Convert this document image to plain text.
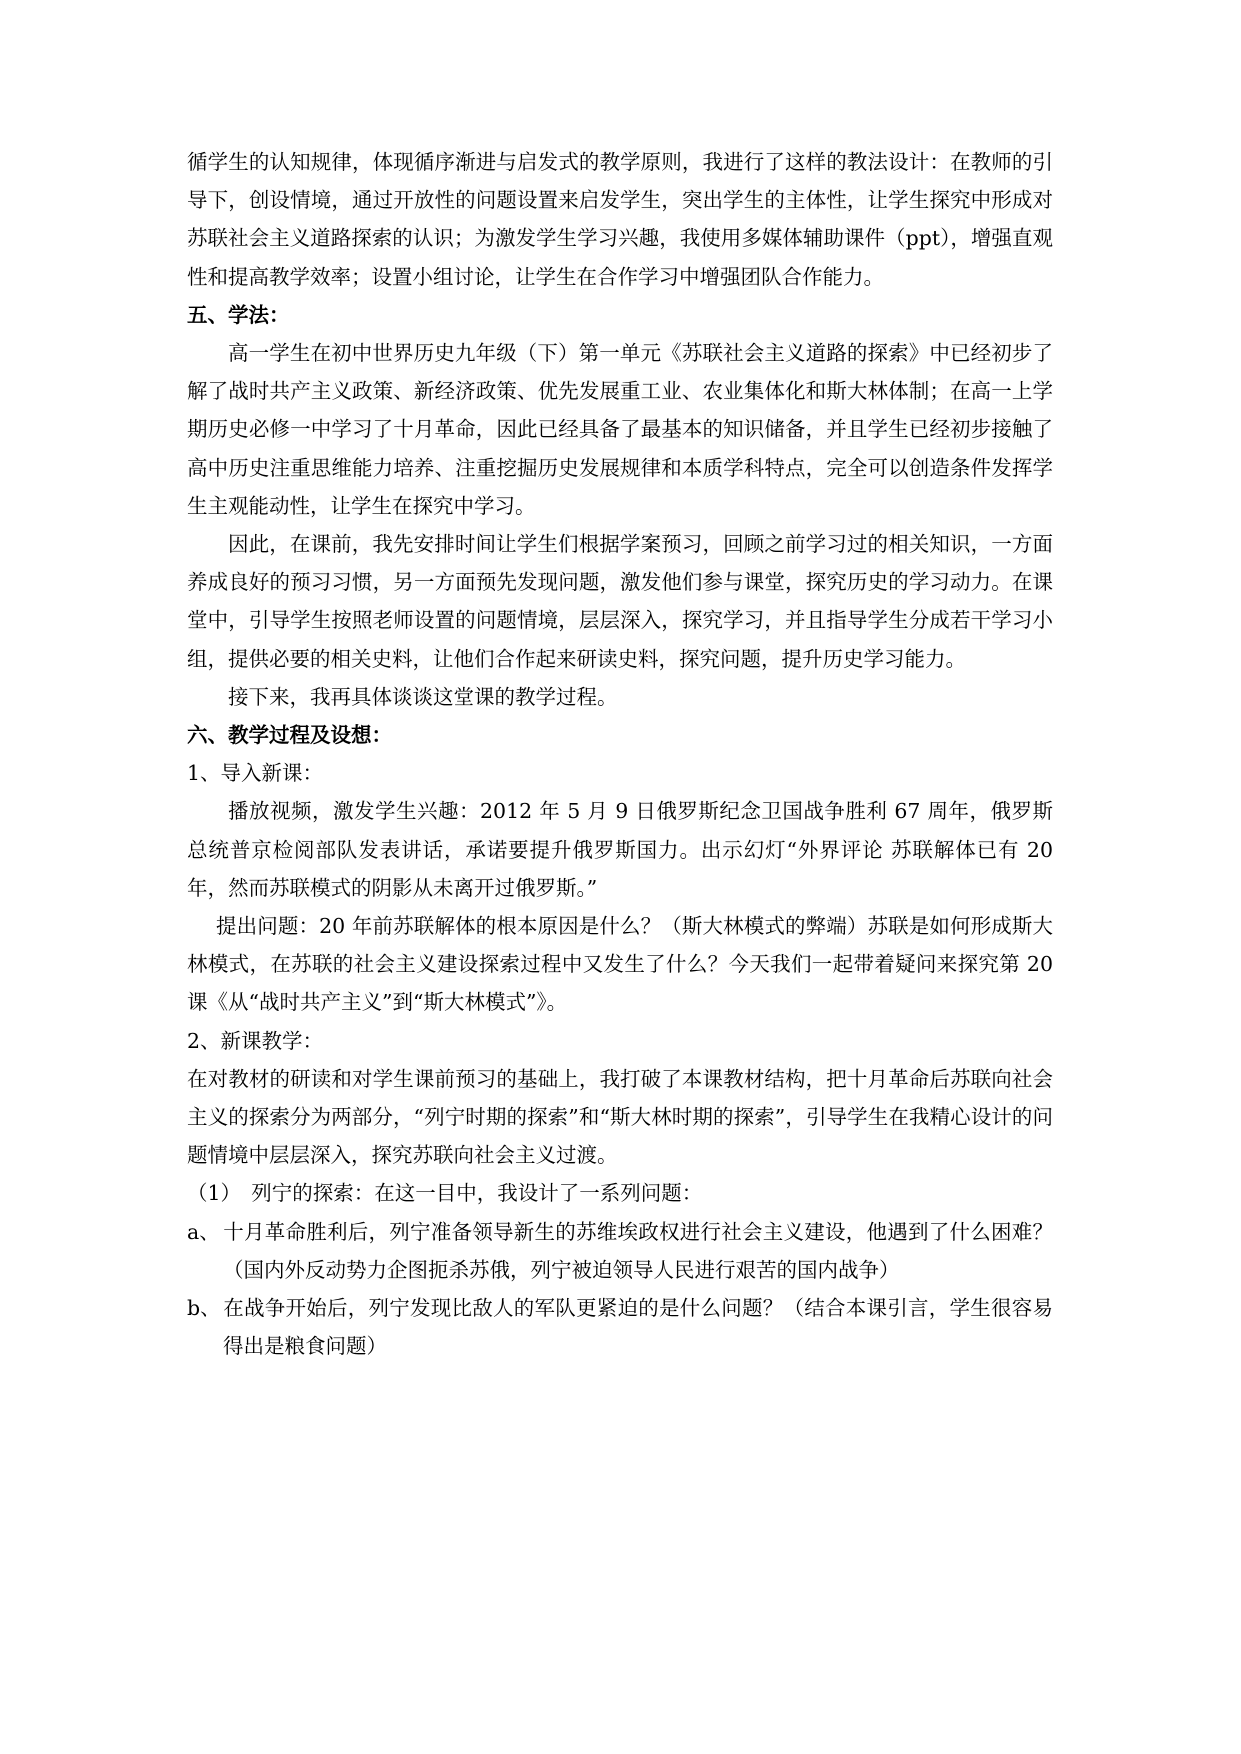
循学生的认知规律，体现循序渐进与启发式的教学原则，我进行了这样的教法设计：在教师的引导下，创设情境，通过开放性的问题设置来启发学生，突出学生的主体性，让学生探究中形成对苏联社会主义道路探索的认识；为激发学生学习兴趣，我使用多媒体辅助课件（ppt），增强直观性和提高教学效率；设置小组讨论，让学生在合作学习中增强团队合作能力。

五、学法：

高一学生在初中世界历史九年级（下）第一单元《苏联社会主义道路的探索》中已经初步了解了战时共产主义政策、新经济政策、优先发展重工业、农业集体化和斯大林体制；在高一上学期历史必修一中学习了十月革命，因此已经具备了最基本的知识储备，并且学生已经初步接触了高中历史注重思维能力培养、注重挖掘历史发展规律和本质学科特点，完全可以创造条件发挥学生主观能动性，让学生在探究中学习。

因此，在课前，我先安排时间让学生们根据学案预习，回顾之前学习过的相关知识，一方面养成良好的预习习惯，另一方面预先发现问题，激发他们参与课堂，探究历史的学习动力。在课堂中，引导学生按照老师设置的问题情境，层层深入，探究学习，并且指导学生分成若干学习小组，提供必要的相关史料，让他们合作起来研读史料，探究问题，提升历史学习能力。

接下来，我再具体谈谈这堂课的教学过程。

六、教学过程及设想：

1、导入新课：

播放视频，激发学生兴趣：2012 年 5 月 9 日俄罗斯纪念卫国战争胜利 67 周年，俄罗斯总统普京检阅部队发表讲话，承诺要提升俄罗斯国力。出示幻灯“外界评论 苏联解体已有 20 年，然而苏联模式的阴影从未离开过俄罗斯。”

提出问题：20 年前苏联解体的根本原因是什么？（斯大林模式的弊端）苏联是如何形成斯大林模式，在苏联的社会主义建设探索过程中又发生了什么？今天我们一起带着疑问来探究第 20 课《从“战时共产主义”到“斯大林模式”》。

2、新课教学：

在对教材的研读和对学生课前预习的基础上，我打破了本课教材结构，把十月革命后苏联向社会主义的探索分为两部分，“列宁时期的探索”和“斯大林时期的探索”，引导学生在我精心设计的问题情境中层层深入，探究苏联向社会主义过渡。

（1）　列宁的探索：在这一目中，我设计了一系列问题：

a、 十月革命胜利后，列宁准备领导新生的苏维埃政权进行社会主义建设，他遇到了什么困难？（国内外反动势力企图扼杀苏俄，列宁被迫领导人民进行艰苦的国内战争）

b、 在战争开始后，列宁发现比敌人的军队更紧迫的是什么问题？（结合本课引言，学生很容易得出是粮食问题）
